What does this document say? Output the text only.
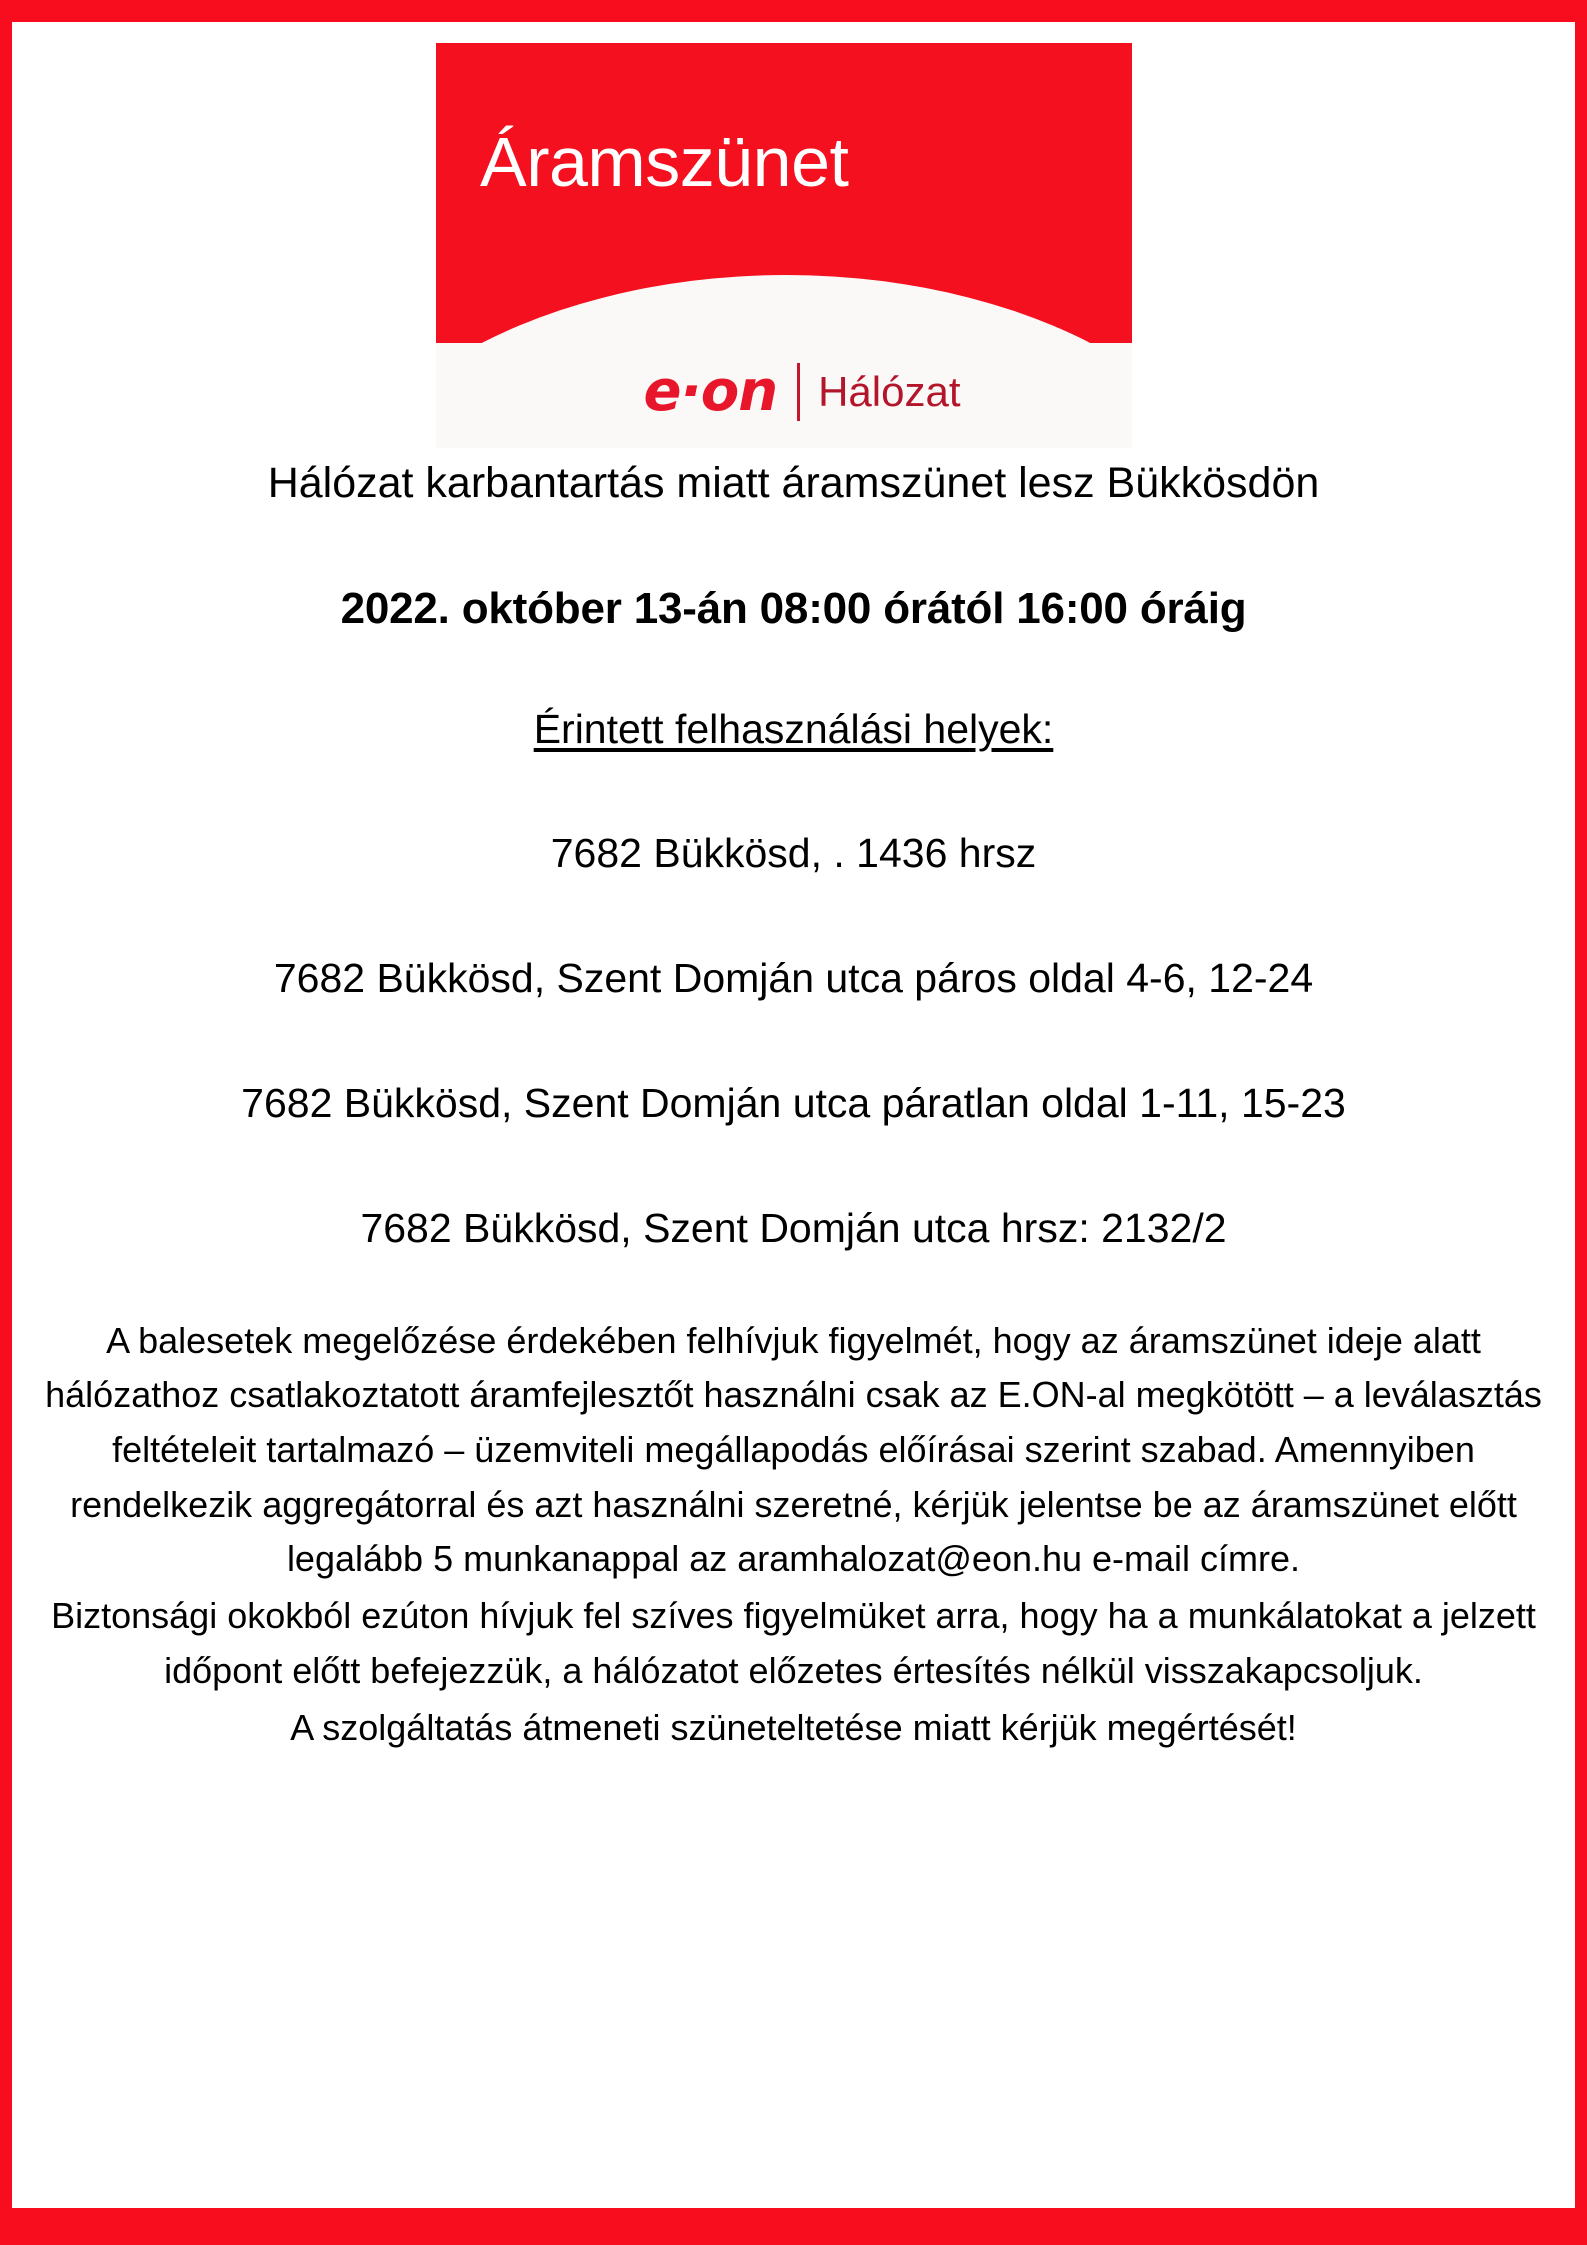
Áramszünet
e·on Hálózat

Hálózat karbantartás miatt áramszünet lesz Bükkösdön

2022. október 13-án 08:00 órától 16:00 óráig

Érintett felhasználási helyek:

7682 Bükkösd, . 1436 hrsz
7682 Bükkösd, Szent Domján utca páros oldal 4-6, 12-24
7682 Bükkösd, Szent Domján utca páratlan oldal 1-11, 15-23
7682 Bükkösd, Szent Domján utca hrsz: 2132/2

A balesetek megelőzése érdekében felhívjuk figyelmét, hogy az áramszünet ideje alatt hálózathoz csatlakoztatott áramfejlesztőt használni csak az E.ON-al megkötött – a leválasztás feltételeit tartalmazó – üzemviteli megállapodás előírásai szerint szabad. Amennyiben rendelkezik aggregátorral és azt használni szeretné, kérjük jelentse be az áramszünet előtt legalább 5 munkanappal az aramhalozat@eon.hu e-mail címre.

Biztonsági okokból ezúton hívjuk fel szíves figyelmüket arra, hogy ha a munkálatokat a jelzett időpont előtt befejezzük, a hálózatot előzetes értesítés nélkül visszakapcsoljuk.

A szolgáltatás átmeneti szüneteltetése miatt kérjük megértését!
